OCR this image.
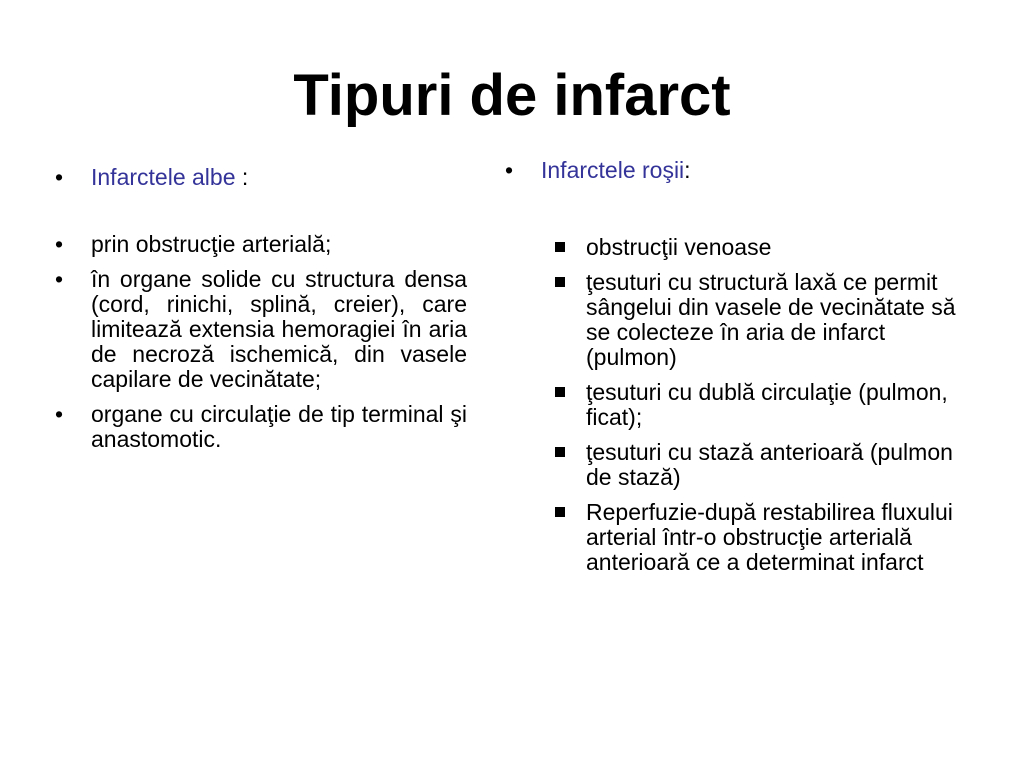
Tipuri de infarct
•	Infarctele albe :
•	prin obstrucţie arterială;
•	în organe solide cu structura densa (cord, rinichi, splină, creier), care limitează extensia hemoragiei în aria de necroză ischemică, din vasele capilare de vecinătate;
•	organe cu circulaţie de tip terminal şi anastomotic.
•	Infarctele roşii:
obstrucţii venoase
ţesuturi cu structură laxă ce permit sângelui din vasele de vecinătate să se colecteze în aria de infarct (pulmon)
ţesuturi cu dublă circulaţie (pulmon, ficat);
ţesuturi cu stază anterioară (pulmon de stază)
Reperfuzie-după restabilirea fluxului arterial într-o obstrucţie arterială anterioară ce a determinat infarct
